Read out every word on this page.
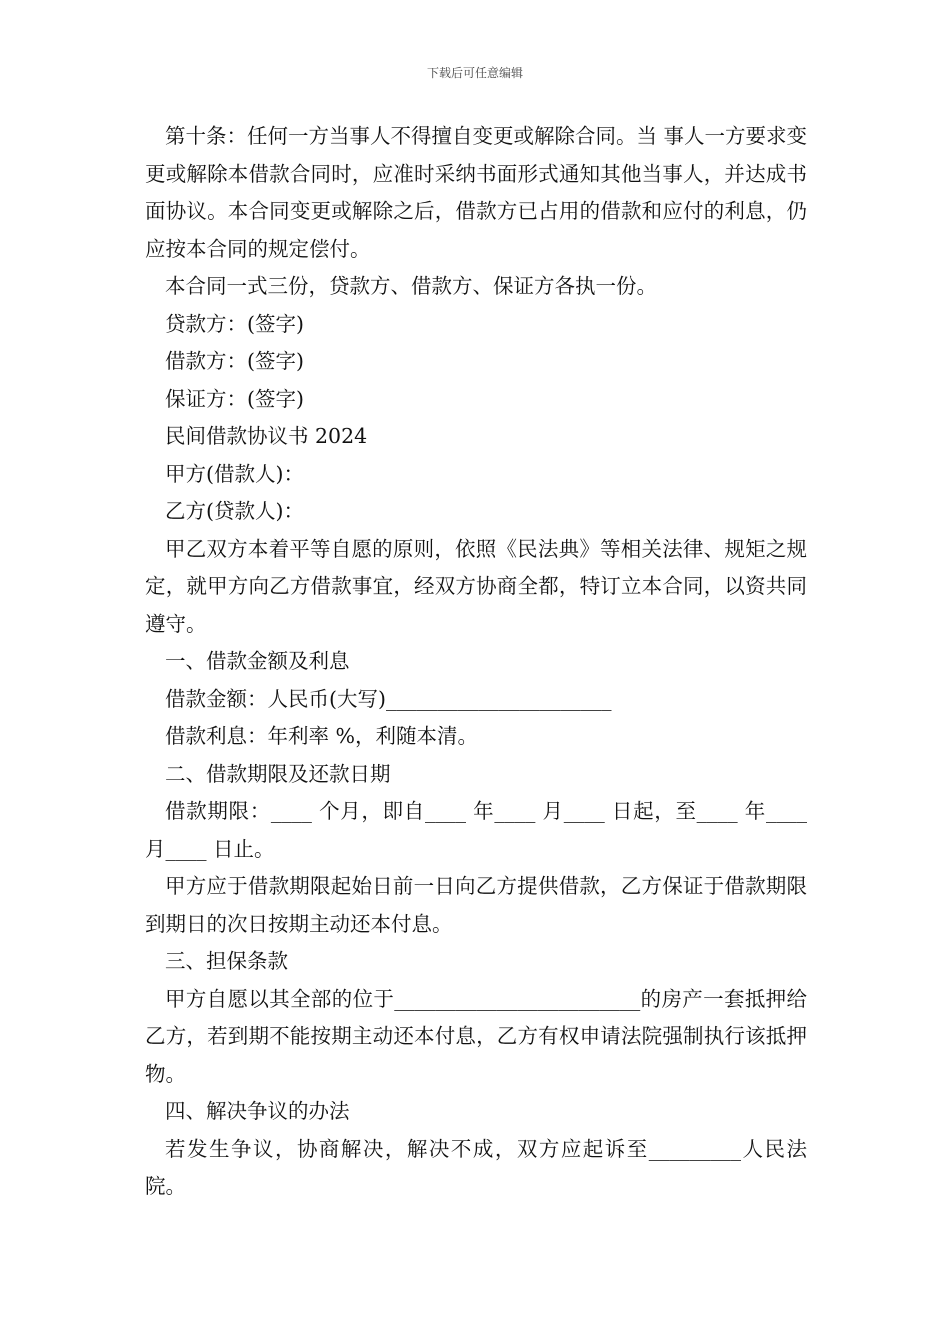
下载后可任意编辑

第十条：任何一方当事人不得擅自变更或解除合同。当 事人一方要求变更或解除本借款合同时，应准时采纳书面形式通知其他当事人，并达成书面协议。本合同变更或解除之后，借款方已占用的借款和应付的利息，仍应按本合同的规定偿付。

本合同一式三份，贷款方、借款方、保证方各执一份。

贷款方：(签字)

借款方：(签字)

保证方：(签字)

民间借款协议书 2024

甲方(借款人)：

乙方(贷款人)：

甲乙双方本着平等自愿的原则，依照《民法典》等相关法律、规矩之规定，就甲方向乙方借款事宜，经双方协商全都，特订立本合同，以资共同遵守。

一、借款金额及利息

借款金额：人民币(大写)______________________

借款利息：年利率 %，利随本清。

二、借款期限及还款日期

借款期限：____ 个月，即自____ 年____ 月____ 日起，至____ 年____ 月____ 日止。

甲方应于借款期限起始日前一日向乙方提供借款，乙方保证于借款期限到期日的次日按期主动还本付息。

三、担保条款

甲方自愿以其全部的位于________________________的房产一套抵押给乙方，若到期不能按期主动还本付息，乙方有权申请法院强制执行该抵押物。

四、解决争议的办法

若发生争议，协商解决，解决不成，双方应起诉至_________人民法院。
